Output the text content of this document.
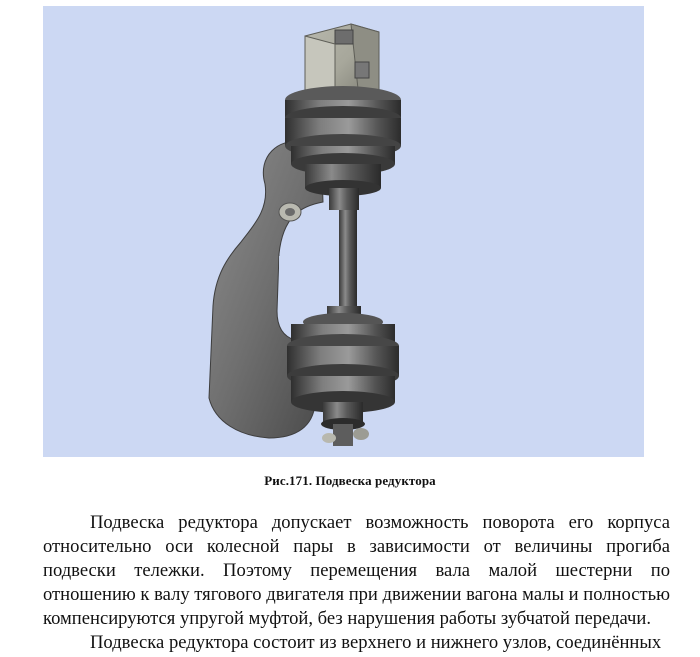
Рис.171. Подвеска редуктора

Подвеска редуктора допускает возможность поворота его корпуса относительно оси колесной пары в зависимости от величины прогиба подвески тележки. Поэтому перемещения вала малой шестерни по отношению к валу тягового двигателя при движении вагона малы и полностью компенсируются упругой муфтой, без нарушения работы зубчатой передачи.

Подвеска редуктора состоит из верхнего и нижнего узлов, соединённых
